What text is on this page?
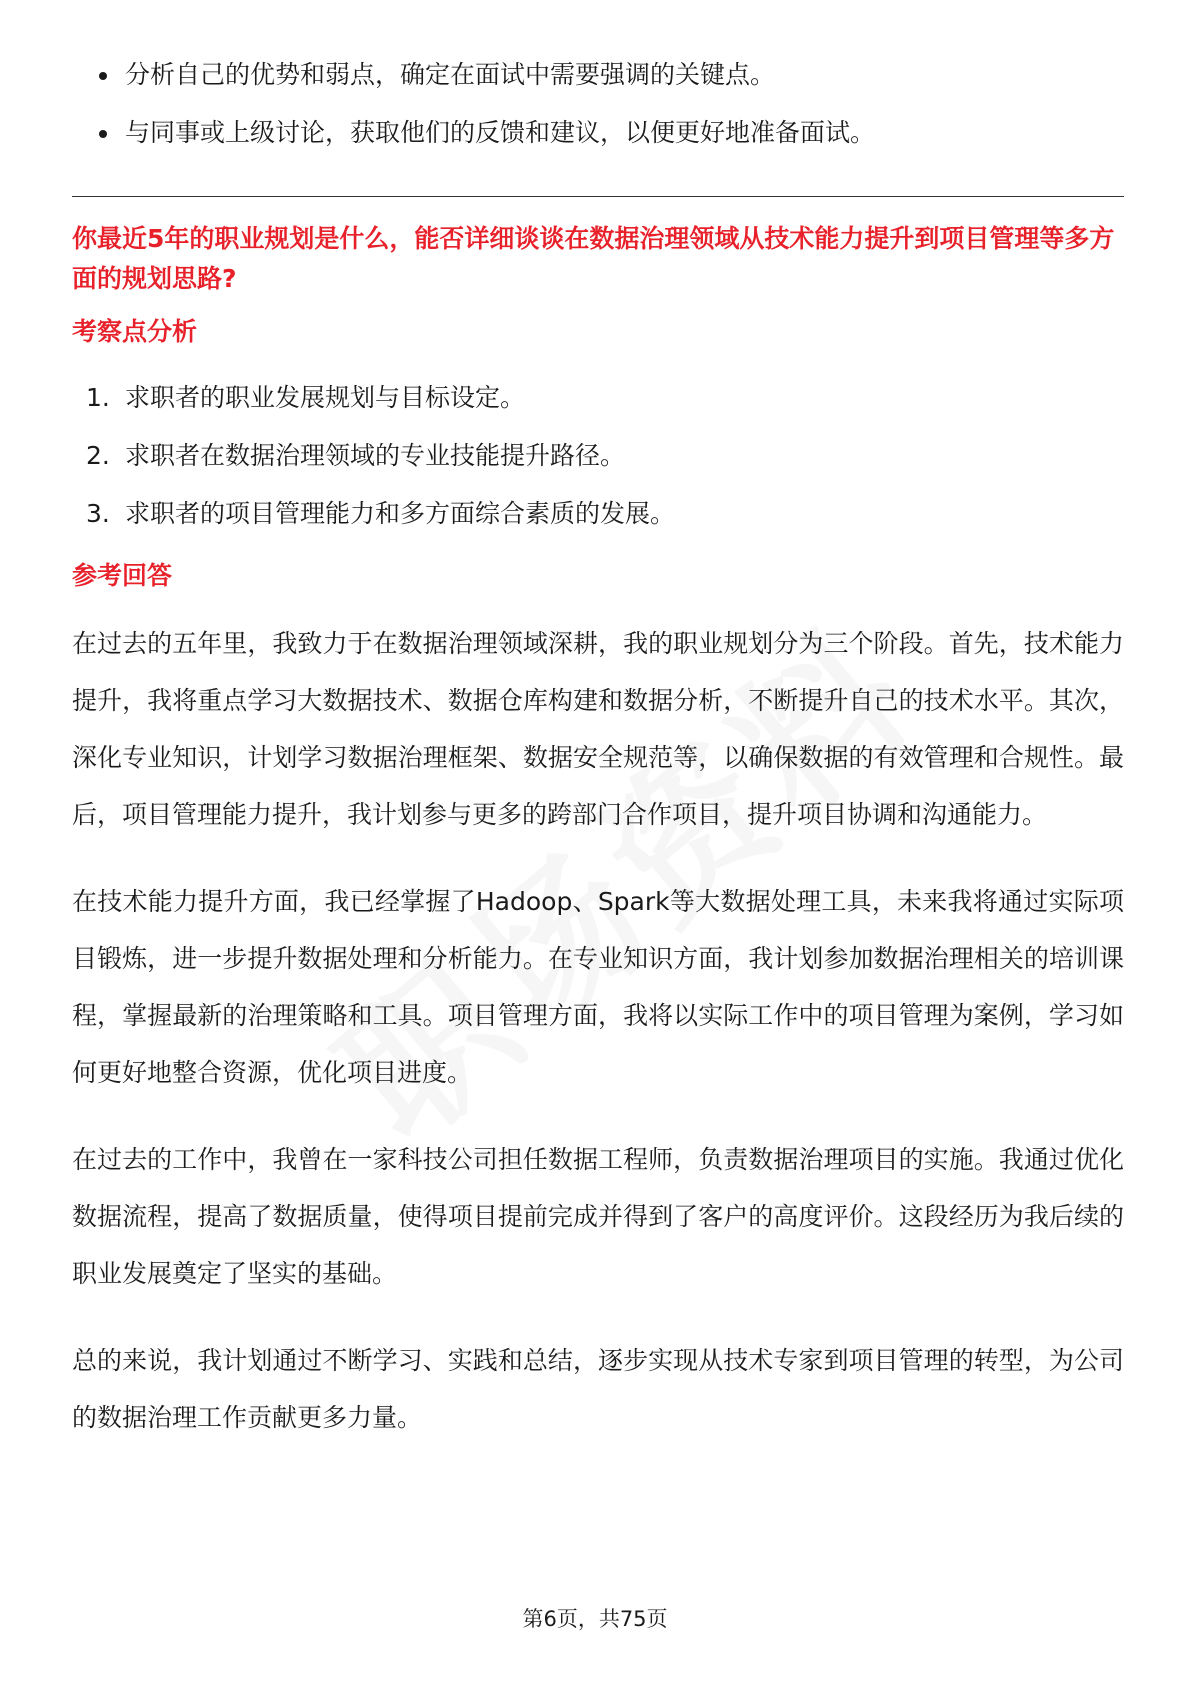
分析自己的优势和弱点，确定在面试中需要强调的关键点。
与同事或上级讨论，获取他们的反馈和建议，以便更好地准备面试。
你最近5年的职业规划是什么，能否详细谈谈在数据治理领域从技术能力提升到项目管理等多方面的规划思路?
考察点分析
1. 求职者的职业发展规划与目标设定。
2. 求职者在数据治理领域的专业技能提升路径。
3. 求职者的项目管理能力和多方面综合素质的发展。
参考回答

在过去的五年里，我致力于在数据治理领域深耕，我的职业规划分为三个阶段。首先，技术能力提升，我将重点学习大数据技术、数据仓库构建和数据分析，不断提升自己的技术水平。其次，深化专业知识，计划学习数据治理框架、数据安全规范等，以确保数据的有效管理和合规性。最后，项目管理能力提升，我计划参与更多的跨部门合作项目，提升项目协调和沟通能力。

在技术能力提升方面，我已经掌握了Hadoop、Spark等大数据处理工具，未来我将通过实际项目锻炼，进一步提升数据处理和分析能力。在专业知识方面，我计划参加数据治理相关的培训课程，掌握最新的治理策略和工具。项目管理方面，我将以实际工作中的项目管理为案例，学习如何更好地整合资源，优化项目进度。

在过去的工作中，我曾在一家科技公司担任数据工程师，负责数据治理项目的实施。我通过优化数据流程，提高了数据质量，使得项目提前完成并得到了客户的高度评价。这段经历为我后续的职业发展奠定了坚实的基础。

总的来说，我计划通过不断学习、实践和总结，逐步实现从技术专家到项目管理的转型，为公司的数据治理工作贡献更多力量。

第6页，共75页
